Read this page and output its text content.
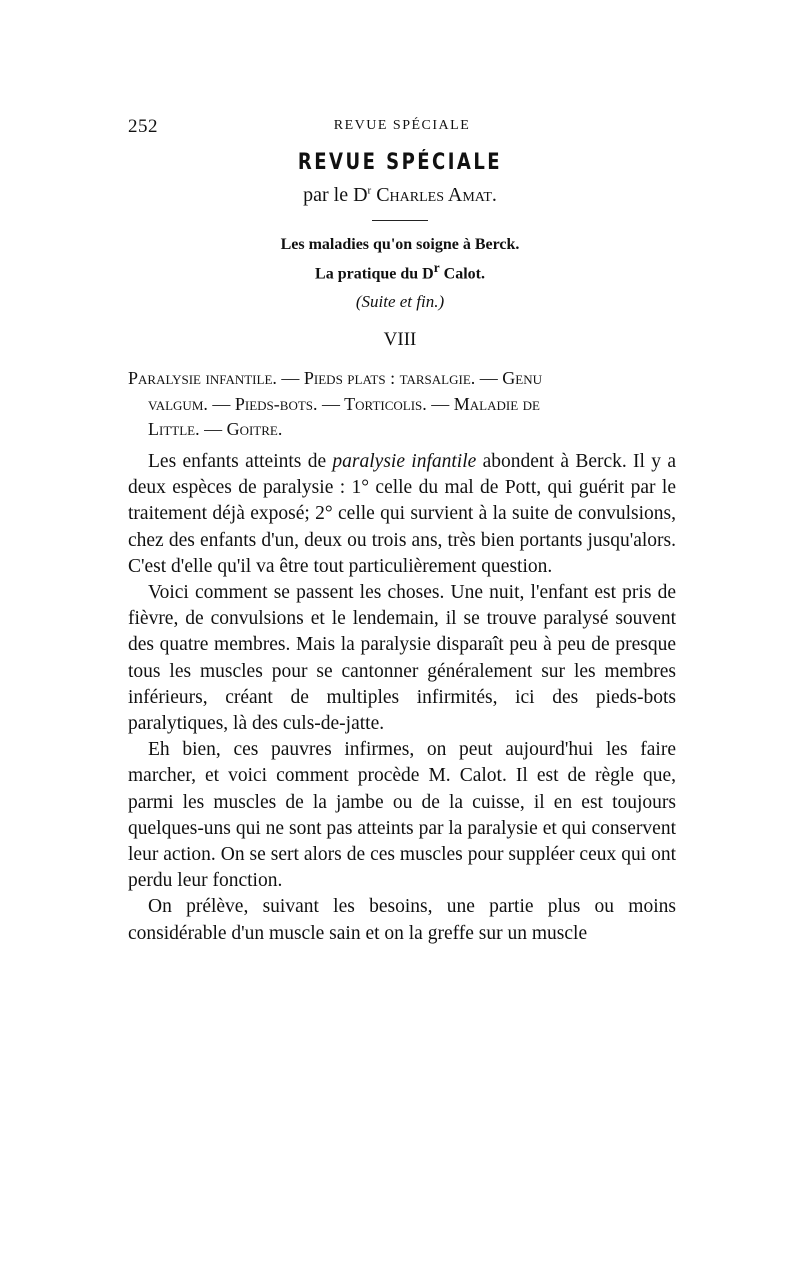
252	REVUE SPÉCIALE
REVUE SPÉCIALE
par le $D^r$ Charles Amat.
Les maladies qu'on soigne à Berck.
La pratique du $D^r$ Calot.
(Suite et fin.)
VIII
Paralysie infantile. — Pieds plats : tarsalgie. — Genu
valgum. — Pieds-bots. — Torticolis. — Maladie de
Little. — Goitre.

Les enfants atteints de paralysie infantile abondent à Berck. Il y a deux espèces de paralysie : 1° celle du mal de Pott, qui guérit par le traitement déjà exposé; 2° celle qui survient à la suite de convulsions, chez des enfants d'un, deux ou trois ans, très bien portants jusqu'alors. C'est d'elle qu'il va être tout particulièrement question.

Voici comment se passent les choses. Une nuit, l'enfant est pris de fièvre, de convulsions et le lendemain, il se trouve paralysé souvent des quatre membres. Mais la paralysie disparaît peu à peu de presque tous les muscles pour se cantonner généralement sur les membres inférieurs, créant de multiples infirmités, ici des pieds-bots paralytiques, là des culs-de-jatte.

Eh bien, ces pauvres infirmes, on peut aujourd'hui les faire marcher, et voici comment procède M. Calot. Il est de règle que, parmi les muscles de la jambe ou de la cuisse, il en est toujours quelques-uns qui ne sont pas atteints par la paralysie et qui conservent leur action. On se sert alors de ces muscles pour suppléer ceux qui ont perdu leur fonction.

On prélève, suivant les besoins, une partie plus ou moins considérable d'un muscle sain et on la greffe sur un muscle
